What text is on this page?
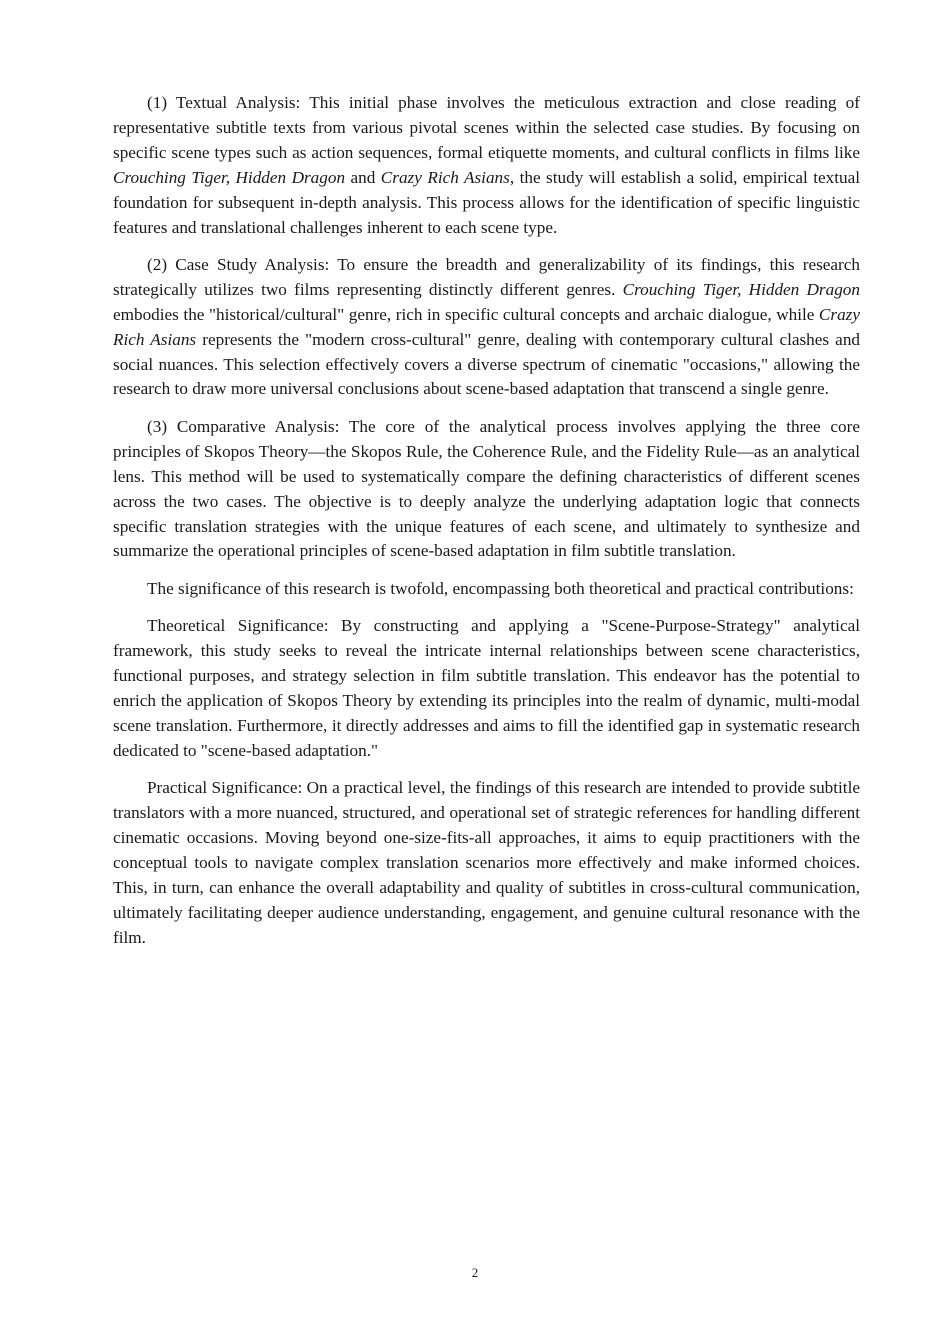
(1) Textual Analysis: This initial phase involves the meticulous extraction and close reading of representative subtitle texts from various pivotal scenes within the selected case studies. By focusing on specific scene types such as action sequences, formal etiquette moments, and cultural conflicts in films like Crouching Tiger, Hidden Dragon and Crazy Rich Asians, the study will establish a solid, empirical textual foundation for subsequent in-depth analysis. This process allows for the identification of specific linguistic features and translational challenges inherent to each scene type.

(2) Case Study Analysis: To ensure the breadth and generalizability of its findings, this research strategically utilizes two films representing distinctly different genres. Crouching Tiger, Hidden Dragon embodies the "historical/cultural" genre, rich in specific cultural concepts and archaic dialogue, while Crazy Rich Asians represents the "modern cross-cultural" genre, dealing with contemporary cultural clashes and social nuances. This selection effectively covers a diverse spectrum of cinematic "occasions," allowing the research to draw more universal conclusions about scene-based adaptation that transcend a single genre.

(3) Comparative Analysis: The core of the analytical process involves applying the three core principles of Skopos Theory—the Skopos Rule, the Coherence Rule, and the Fidelity Rule—as an analytical lens. This method will be used to systematically compare the defining characteristics of different scenes across the two cases. The objective is to deeply analyze the underlying adaptation logic that connects specific translation strategies with the unique features of each scene, and ultimately to synthesize and summarize the operational principles of scene-based adaptation in film subtitle translation.

The significance of this research is twofold, encompassing both theoretical and practical contributions:

Theoretical Significance: By constructing and applying a "Scene-Purpose-Strategy" analytical framework, this study seeks to reveal the intricate internal relationships between scene characteristics, functional purposes, and strategy selection in film subtitle translation. This endeavor has the potential to enrich the application of Skopos Theory by extending its principles into the realm of dynamic, multi-modal scene translation. Furthermore, it directly addresses and aims to fill the identified gap in systematic research dedicated to "scene-based adaptation."

Practical Significance: On a practical level, the findings of this research are intended to provide subtitle translators with a more nuanced, structured, and operational set of strategic references for handling different cinematic occasions. Moving beyond one-size-fits-all approaches, it aims to equip practitioners with the conceptual tools to navigate complex translation scenarios more effectively and make informed choices. This, in turn, can enhance the overall adaptability and quality of subtitles in cross-cultural communication, ultimately facilitating deeper audience understanding, engagement, and genuine cultural resonance with the film.

2
